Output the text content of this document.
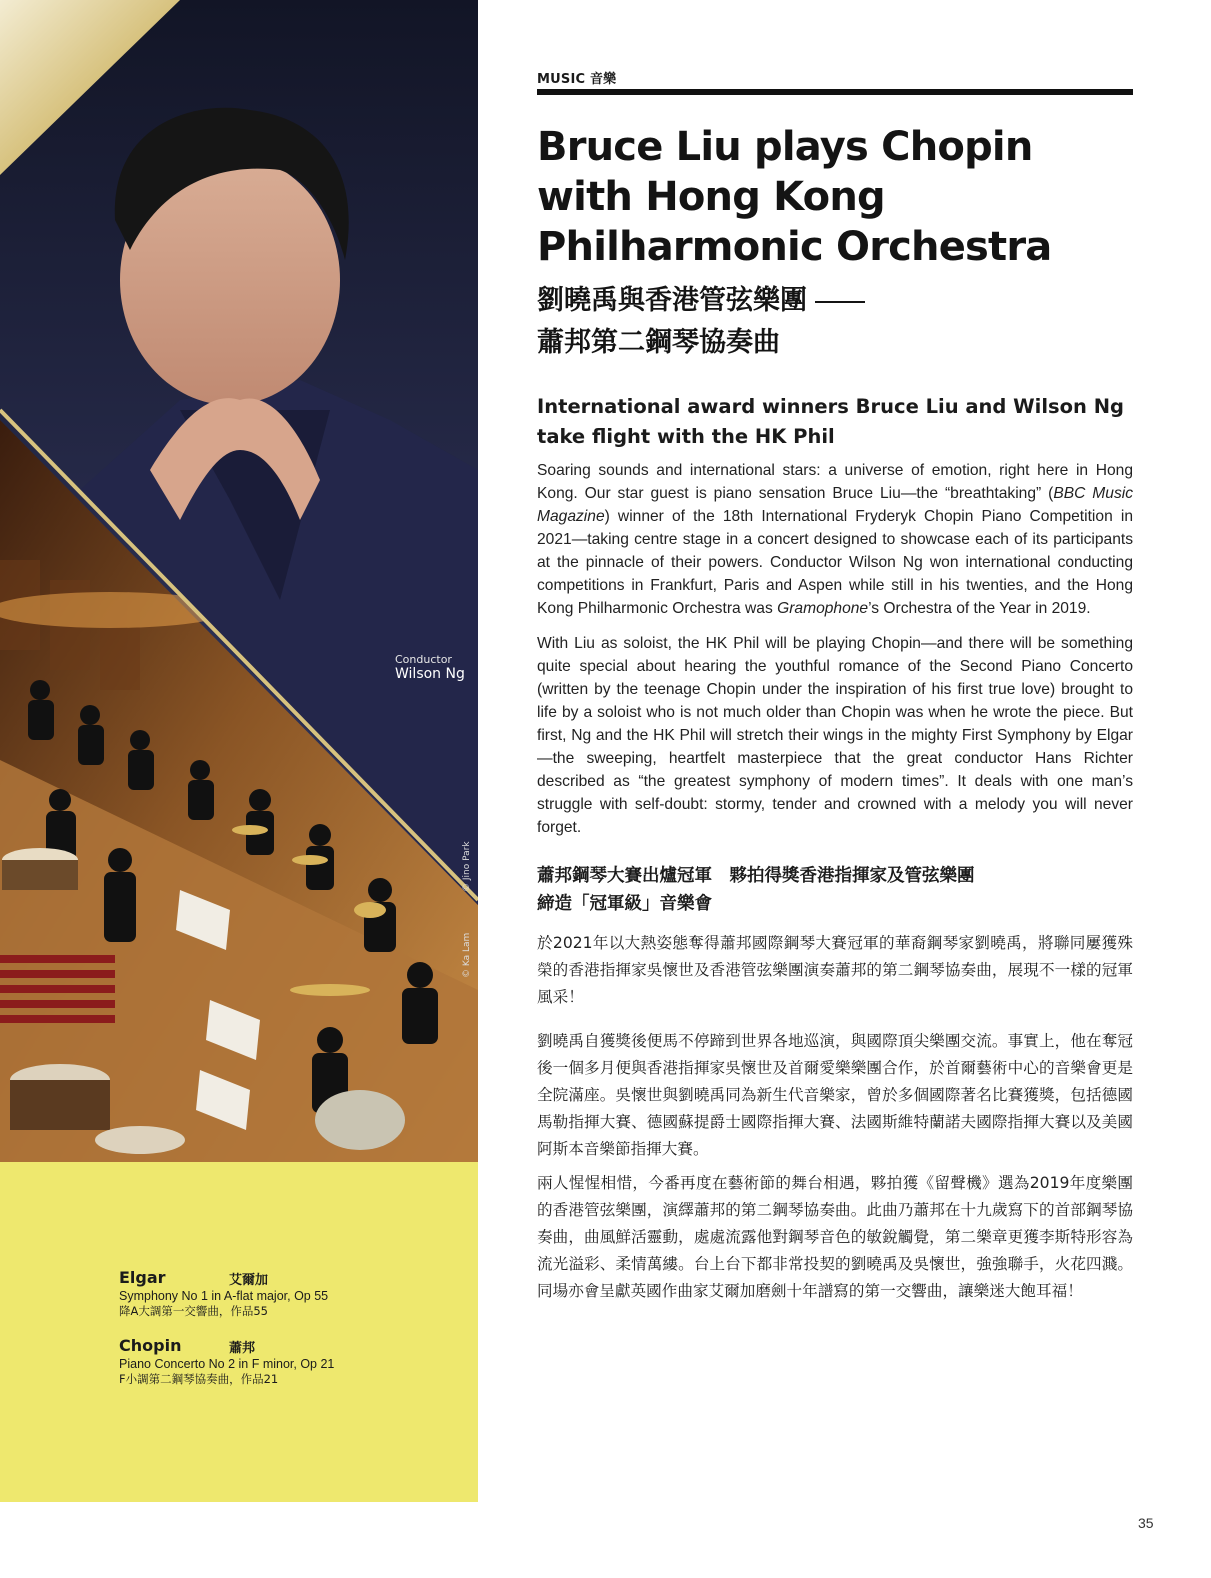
© Jino Park
© Ka Lam
Conductor
Wilson Ng
Elgar	艾爾加
Symphony No 1 in A-flat major, Op 55
降A大調第一交響曲，作品55
Chopin	蕭邦
Piano Concerto No 2 in F minor, Op 21
F小調第二鋼琴協奏曲，作品21
MUSIC 音樂
Bruce Liu plays Chopin with Hong Kong Philharmonic Orchestra
劉曉禹與香港管弦樂團
蕭邦第二鋼琴協奏曲
International award winners Bruce Liu and Wilson Ng take flight with the HK Phil

Soaring sounds and international stars: a universe of emotion, right here in Hong Kong. Our star guest is piano sensation Bruce Liu—the “breathtaking” (BBC Music Magazine) winner of the 18th International Fryderyk Chopin Piano Competition in 2021—taking centre stage in a concert designed to showcase each of its participants at the pinnacle of their powers. Conductor Wilson Ng won international conducting competitions in Frankfurt, Paris and Aspen while still in his twenties, and the Hong Kong Philharmonic Orchestra was Gramophone’s Orchestra of the Year in 2019.

With Liu as soloist, the HK Phil will be playing Chopin—and there will be something quite special about hearing the youthful romance of the Second Piano Concerto (written by the teenage Chopin under the inspiration of his first true love) brought to life by a soloist who is not much older than Chopin was when he wrote the piece. But first, Ng and the HK Phil will stretch their wings in the mighty First Symphony by Elgar—the sweeping, heartfelt masterpiece that the great conductor Hans Richter described as “the greatest symphony of modern times”. It deals with one man’s struggle with self-doubt: stormy, tender and crowned with a melody you will never forget.

蕭邦鋼琴大賽出爐冠軍　夥拍得獎香港指揮家及管弦樂團
締造「冠軍級」音樂會

於2021年以大熱姿態奪得蕭邦國際鋼琴大賽冠軍的華裔鋼琴家劉曉禹，將聯同屢獲殊榮的香港指揮家吳懷世及香港管弦樂團演奏蕭邦的第二鋼琴協奏曲，展現不一樣的冠軍風采！

劉曉禹自獲獎後便馬不停蹄到世界各地巡演，與國際頂尖樂團交流。事實上，他在奪冠後一個多月便與香港指揮家吳懷世及首爾愛樂樂團合作，於首爾藝術中心的音樂會更是全院滿座。吳懷世與劉曉禹同為新生代音樂家，曾於多個國際著名比賽獲獎，包括德國馬勒指揮大賽、德國蘇提爵士國際指揮大賽、法國斯維特蘭諾夫國際指揮大賽以及美國阿斯本音樂節指揮大賽。

兩人惺惺相惜，今番再度在藝術節的舞台相遇，夥拍獲《留聲機》選為2019年度樂團的香港管弦樂團，演繹蕭邦的第二鋼琴協奏曲。此曲乃蕭邦在十九歲寫下的首部鋼琴協奏曲，曲風鮮活靈動，處處流露他對鋼琴音色的敏銳觸覺，第二樂章更獲李斯特形容為流光溢彩、柔情萬縷。台上台下都非常投契的劉曉禹及吳懷世，強強聯手，火花四濺。同場亦會呈獻英國作曲家艾爾加磨劍十年譜寫的第一交響曲，讓樂迷大飽耳福！

35
